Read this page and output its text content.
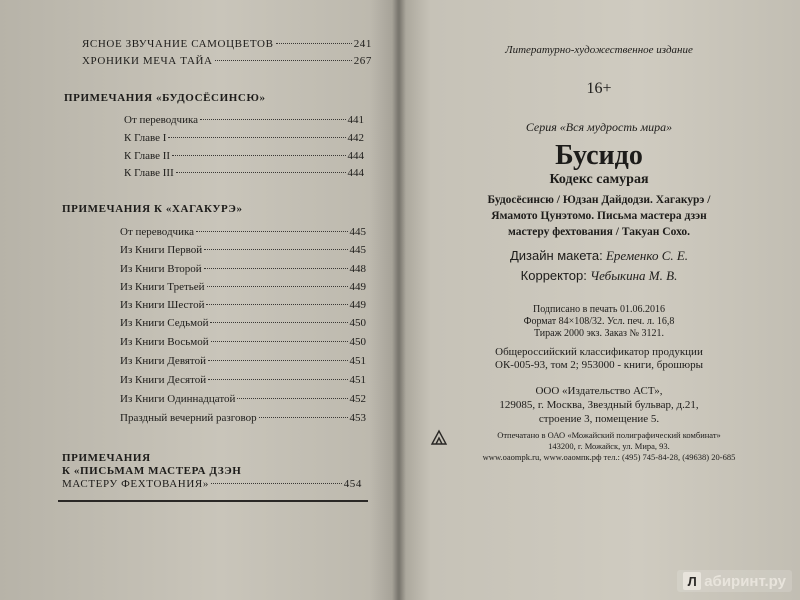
ЯСНОЕ ЗВУЧАНИЕ САМОЦВЕТОВ	241
ХРОНИКИ МЕЧА ТАЙА	267
ПРИМЕЧАНИЯ «БУДОСЁСИНСЮ»
От переводчика	441
К Главе I	442
К Главе II	444
К Главе III	444
ПРИМЕЧАНИЯ К «ХАГАКУРЭ»
От переводчика	445
Из Книги Первой	445
Из Книги Второй	448
Из Книги Третьей	449
Из Книги Шестой	449
Из Книги Седьмой	450
Из Книги Восьмой	450
Из Книги Девятой	451
Из Книги Десятой	451
Из Книги Одиннадцатой	452
Праздный вечерний разговор	453
ПРИМЕЧАНИЯ
К «ПИСЬМАМ МАСТЕРА ДЗЭН
МАСТЕРУ ФЕХТОВАНИЯ»	454
Литературно-художественное издание
16+
Серия «Вся мудрость мира»
Бусидо
Кодекс самурая
Будосёсинсю / Юдзан Дайдодзи. Хагакурэ /
Ямамото Цунэтомо. Письма мастера дзэн
мастеру фехтования / Такуан Сохо.
Дизайн макета: Еременко С. Е.
Корректор: Чебыкина М. В.
Подписано в печать 01.06.2016
Формат 84×108/32. Усл. печ. л. 16,8
Тираж 2000 экз. Заказ № 3121.
Общероссийский классификатор продукции
ОК-005-93, том 2; 953000 - книги, брошюры
ООО «Издательство АСТ»,
129085, г. Москва, Звездный бульвар, д.21,
строение 3, помещение 5.
Отпечатано в ОАО «Можайский полиграфический комбинат»
143200, г. Можайск, ул. Мира, 93.
www.oaompk.ru, www.оаомпк.рф тел.: (495) 745-84-28, (49638) 20-685
Л абиринт.ру
